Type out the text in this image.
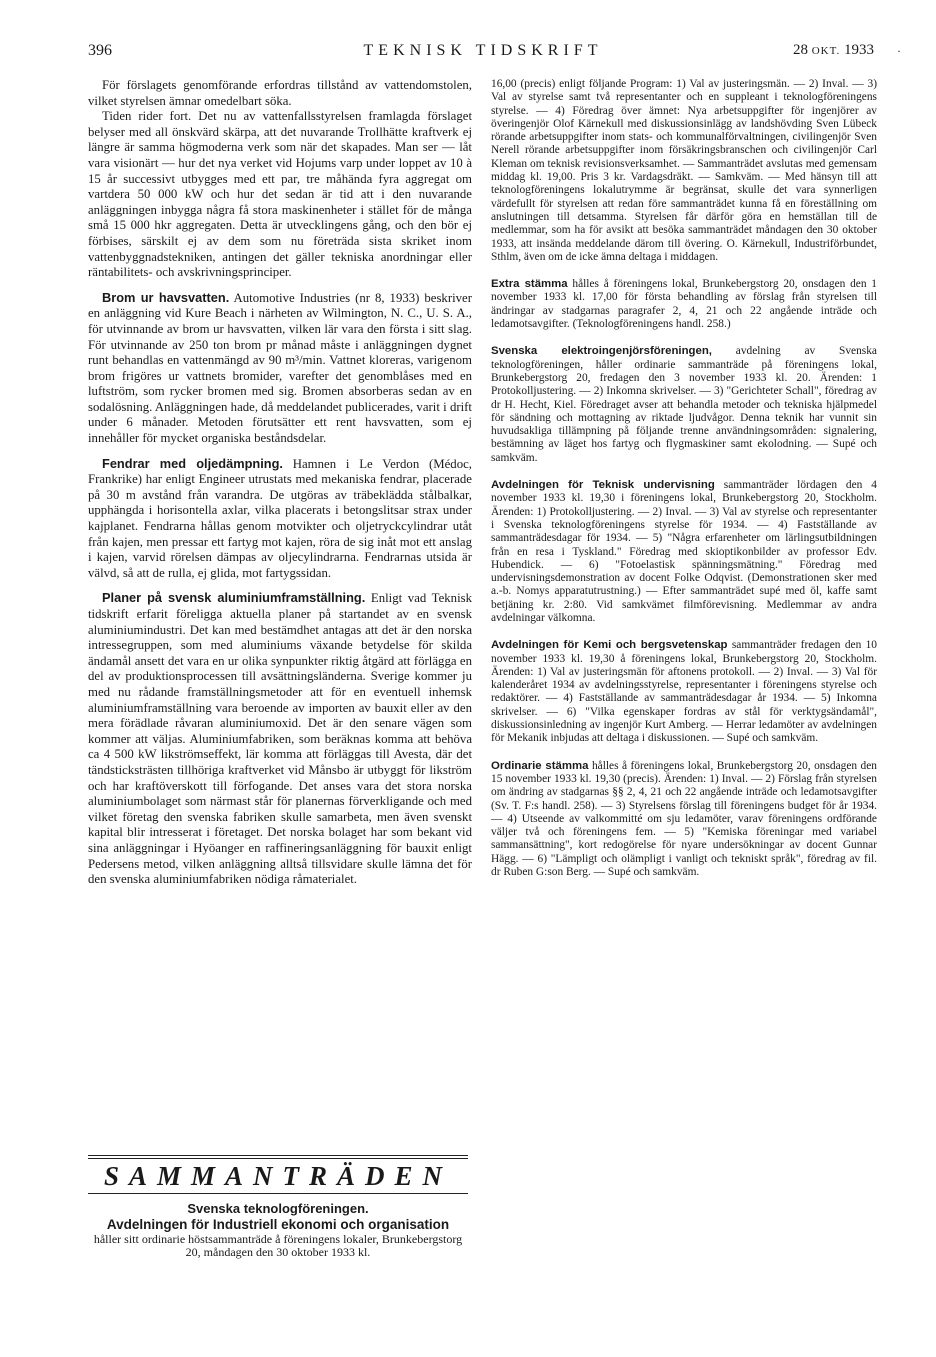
396	TEKNISK TIDSKRIFT	28 OKT. 1933 ·

För förslagets genomförande erfordras tillstånd av vattendomstolen, vilket styrelsen ämnar omedelbart söka.

Tiden rider fort. Det nu av vattenfallsstyrelsen framlagda förslaget belyser med all önskvärd skärpa, att det nuvarande Trollhätte kraftverk ej längre är samma högmoderna verk som när det skapades. Man ser — låt vara visionärt — hur det nya verket vid Hojums varp under loppet av 10 à 15 år successivt utbygges med ett par, tre måhända fyra aggregat om vartdera 50 000 kW och hur det sedan är tid att i den nuvarande anläggningen inbygga några få stora maskinenheter i stället för de många små 15 000 hkr aggregaten. Detta är utvecklingens gång, och den bör ej förbises, särskilt ej av dem som nu företräda sista skriket inom vattenbyggnadstekniken, antingen det gäller tekniska anordningar eller räntabilitets- och avskrivningsprinciper.

Brom ur havsvatten. Automotive Industries (nr 8, 1933) beskriver en anläggning vid Kure Beach i närheten av Wilmington, N. C., U. S. A., för utvinnande av brom ur havsvatten, vilken lär vara den första i sitt slag. För utvinnande av 250 ton brom pr månad måste i anläggningen dygnet runt behandlas en vattenmängd av 90 m³/min. Vattnet kloreras, varigenom brom frigöres ur vattnets bromider, varefter det genomblåses med en luftström, som rycker bromen med sig. Bromen absorberas sedan av en sodalösning. Anläggningen hade, då meddelandet publicerades, varit i drift under 6 månader. Metoden förutsätter ett rent havsvatten, som ej innehåller för mycket organiska beståndsdelar.

Fendrar med oljedämpning. Hamnen i Le Verdon (Médoc, Frankrike) har enligt Engineer utrustats med mekaniska fendrar, placerade på 30 m avstånd från varandra. De utgöras av träbeklädda stålbalkar, upphängda i horisontella axlar, vilka placerats i betongslitsar strax under kajplanet. Fendrarna hållas genom motvikter och oljetryckcylindrar utåt från kajen, men pressar ett fartyg mot kajen, röra de sig inåt mot ett anslag i kajen, varvid rörelsen dämpas av oljecylindrarna. Fendrarnas utsida är välvd, så att de rulla, ej glida, mot fartygssidan.

Planer på svensk aluminiumframställning. Enligt vad Teknisk tidskrift erfarit föreligga aktuella planer på startandet av en svensk aluminiumindustri. Det kan med bestämdhet antagas att det är den norska intressegruppen, som med aluminiums växande betydelse för skilda ändamål ansett det vara en ur olika synpunkter riktig åtgärd att förlägga en del av produktionsprocessen till avsättningsländerna. Sverige kommer ju med nu rådande framställningsmetoder att för en eventuell inhemsk aluminiumframställning vara beroende av importen av bauxit eller av den mera förädlade råvaran aluminiumoxid. Det är den senare vägen som kommer att väljas. Aluminiumfabriken, som beräknas komma att behöva ca 4 500 kW likströmseffekt, lär komma att förläggas till Avesta, där det tändsticksträsten tillhöriga kraftverket vid Månsbo är utbyggt för likström och har kraftöverskott till förfogande. Det anses vara det stora norska aluminiumbolaget som närmast står för planernas förverkligande och med vilket företag den svenska fabriken skulle samarbeta, men även svenskt kapital blir intresserat i företaget. Det norska bolaget har som bekant vid sina anläggningar i Hyöanger en raffineringsanläggning för bauxit enligt Pedersens metod, vilken anläggning alltså tillsvidare skulle lämna det för den svenska aluminiumfabriken nödiga råmaterialet.

SAMMANTRÄDEN
Svenska teknologföreningen.
Avdelningen för Industriell ekonomi och organisation
håller sitt ordinarie höstsammanträde å föreningens lokaler, Brunkebergstorg 20, måndagen den 30 oktober 1933 kl.

16,00 (precis) enligt följande Program: 1) Val av justeringsmän. — 2) Inval. — 3) Val av styrelse samt två representanter och en suppleant i teknologföreningens styrelse. — 4) Föredrag över ämnet: Nya arbetsuppgifter för ingenjörer av överingenjör Olof Kärnekull med diskussionsinlägg av landshövding Sven Lübeck rörande arbetsuppgifter inom stats- och kommunalförvaltningen, civilingenjör Sven Nerell rörande arbetsuppgifter inom försäkringsbranschen och civilingenjör Carl Kleman om teknisk revisionsverksamhet. — Sammanträdet avslutas med gemensam middag kl. 19,00. Pris 3 kr. Vardagsdräkt. — Samkväm. — Med hänsyn till att teknologföreningens lokalutrymme är begränsat, skulle det vara synnerligen värdefullt för styrelsen att redan före sammanträdet kunna få en föreställning om anslutningen till detsamma. Styrelsen får därför göra en hemställan till de medlemmar, som ha för avsikt att besöka sammanträdet måndagen den 30 oktober 1933, att insända meddelande därom till övering. O. Kärnekull, Industriförbundet, Sthlm, även om de icke ämna deltaga i middagen.

Extra stämma hålles å föreningens lokal, Brunkebergstorg 20, onsdagen den 1 november 1933 kl. 17,00 för första behandling av förslag från styrelsen till ändringar av stadgarnas paragrafer 2, 4, 21 och 22 angående inträde och ledamotsavgifter. (Teknologföreningens handl. 258.)

Svenska elektroingenjörsföreningen, avdelning av Svenska teknologföreningen, håller ordinarie sammanträde på föreningens lokal, Brunkebergstorg 20, fredagen den 3 november 1933 kl. 20. Ärenden: 1 Protokolljustering. — 2) Inkomna skrivelser. — 3) "Gerichteter Schall", föredrag av dr H. Hecht, Kiel. Föredraget avser att behandla metoder och tekniska hjälpmedel för sändning och mottagning av riktade ljudvågor. Denna teknik har vunnit sin huvudsakliga tillämpning på följande trenne användningsområden: signalering, bestämning av läget hos fartyg och flygmaskiner samt ekolodning. — Supé och samkväm.

Avdelningen för Teknisk undervisning sammanträder lördagen den 4 november 1933 kl. 19,30 i föreningens lokal, Brunkebergstorg 20, Stockholm. Ärenden: 1) Protokolljustering. — 2) Inval. — 3) Val av styrelse och representanter i Svenska teknologföreningens styrelse för 1934. — 4) Fastställande av sammanträdesdagar för 1934. — 5) "Några erfarenheter om lärlingsutbildningen från en resa i Tyskland." Föredrag med skioptikonbilder av professor Edv. Hubendick. — 6) "Fotoelastisk spänningsmätning." Föredrag med undervisningsdemonstration av docent Folke Odqvist. (Demonstrationen sker med a.-b. Nomys apparatutrustning.) — Efter sammanträdet supé med öl, kaffe samt betjäning kr. 2:80. Vid samkvämet filmförevisning. Medlemmar av andra avdelningar välkomna.

Avdelningen för Kemi och bergsvetenskap sammanträder fredagen den 10 november 1933 kl. 19,30 å föreningens lokal, Brunkebergstorg 20, Stockholm. Ärenden: 1) Val av justeringsmän för aftonens protokoll. — 2) Inval. — 3) Val för kalenderåret 1934 av avdelningsstyrelse, representanter i föreningens styrelse och redaktörer. — 4) Fastställande av sammanträdesdagar år 1934. — 5) Inkomna skrivelser. — 6) "Vilka egenskaper fordras av stål för verktygsändamål", diskussionsinledning av ingenjör Kurt Amberg. — Herrar ledamöter av avdelningen för Mekanik inbjudas att deltaga i diskussionen. — Supé och samkväm.

Ordinarie stämma hålles å föreningens lokal, Brunkebergstorg 20, onsdagen den 15 november 1933 kl. 19,30 (precis). Ärenden: 1) Inval. — 2) Förslag från styrelsen om ändring av stadgarnas §§ 2, 4, 21 och 22 angående inträde och ledamotsavgifter (Sv. T. F:s handl. 258). — 3) Styrelsens förslag till föreningens budget för år 1934. — 4) Utseende av valkommitté om sju ledamöter, varav föreningens ordförande väljer två och föreningens fem. — 5) "Kemiska föreningar med variabel sammansättning", kort redogörelse för nyare undersökningar av docent Gunnar Hägg. — 6) "Lämpligt och olämpligt i vanligt och tekniskt språk", föredrag av fil. dr Ruben G:son Berg. — Supé och samkväm.
